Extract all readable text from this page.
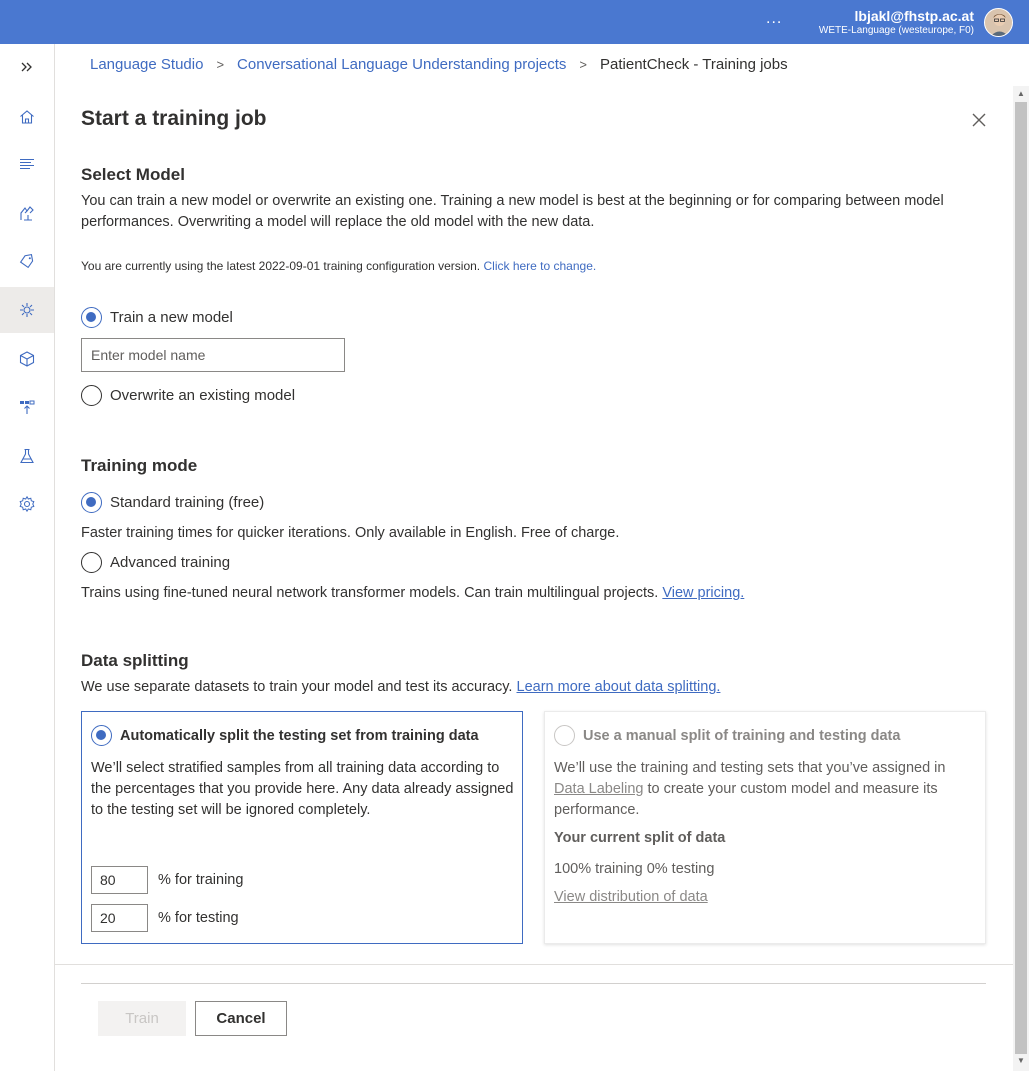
...	lbjakl@fhstp.ac.at
WETE-Language (westeurope, F0)
Language Studio > Conversational Language Understanding projects > PatientCheck - Training jobs
▲
▼
Start a training job
Select Model
You can train a new model or overwrite an existing one. Training a new model is best at the beginning or for comparing between model performances. Overwriting a model will replace the old model with the new data.
You are currently using the latest 2022-09-01 training configuration version. Click here to change.
Train a new model
Enter model name
Overwrite an existing model
Training mode
Standard training (free)
Faster training times for quicker iterations. Only available in English. Free of charge.
Advanced training
Trains using fine-tuned neural network transformer models. Can train multilingual projects. View pricing.
Data splitting
We use separate datasets to train your model and test its accuracy. Learn more about data splitting.
Automatically split the testing set from training data
We’ll select stratified samples from all training data according to the percentages that you provide here. Any data already assigned to the testing set will be ignored completely.
80
% for training
20
% for testing
Use a manual split of training and testing data
We’ll use the training and testing sets that you’ve assigned in Data Labeling to create your custom model and measure its performance.
Your current split of data
100% training 0% testing
View distribution of data
Train	Cancel
